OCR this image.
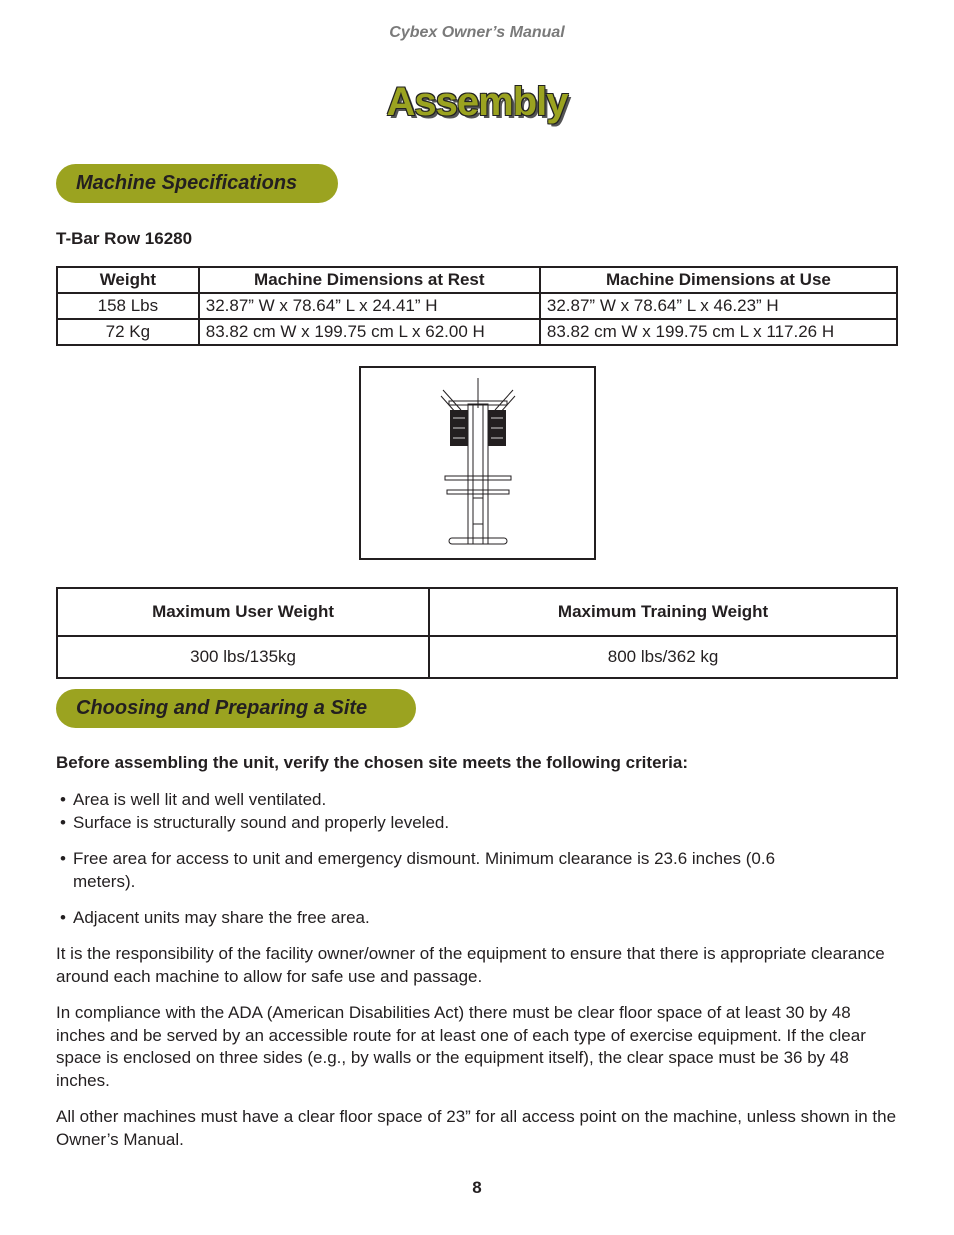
Cybex Owner’s Manual
Assembly
Machine Specifications
T-Bar Row 16280
Weight	Machine Dimensions at Rest	Machine Dimensions at Use
158 Lbs	32.87” W x 78.64” L x 24.41” H	32.87” W x 78.64” L x 46.23” H
72 Kg	83.82 cm W x 199.75 cm L x 62.00 H	83.82 cm W x 199.75 cm L x 117.26 H
Maximum User Weight	Maximum Training Weight
300 lbs/135kg	800 lbs/362 kg
Choosing and Preparing a Site
Before assembling the unit, verify the chosen site meets the following criteria:
• Area is well lit and well ventilated.
• Surface is structurally sound and properly leveled.
• Free area for access to unit and emergency dismount. Minimum clearance is 23.6 inches (0.6 meters).
• Adjacent units may share the free area.
It is the responsibility of the facility owner/owner of the equipment to ensure that there is appropriate clearance around each machine to allow for safe use and passage.
In compliance with the ADA (American Disabilities Act) there must be clear floor space of at least 30 by 48 inches and be served by an accessible route for at least one of each type of exercise equipment. If the clear space is enclosed on three sides (e.g., by walls or the equipment itself), the clear space must be 36 by 48 inches.
All other machines must have a clear floor space of 23” for all access point on the machine, unless shown in the Owner’s Manual.
8
